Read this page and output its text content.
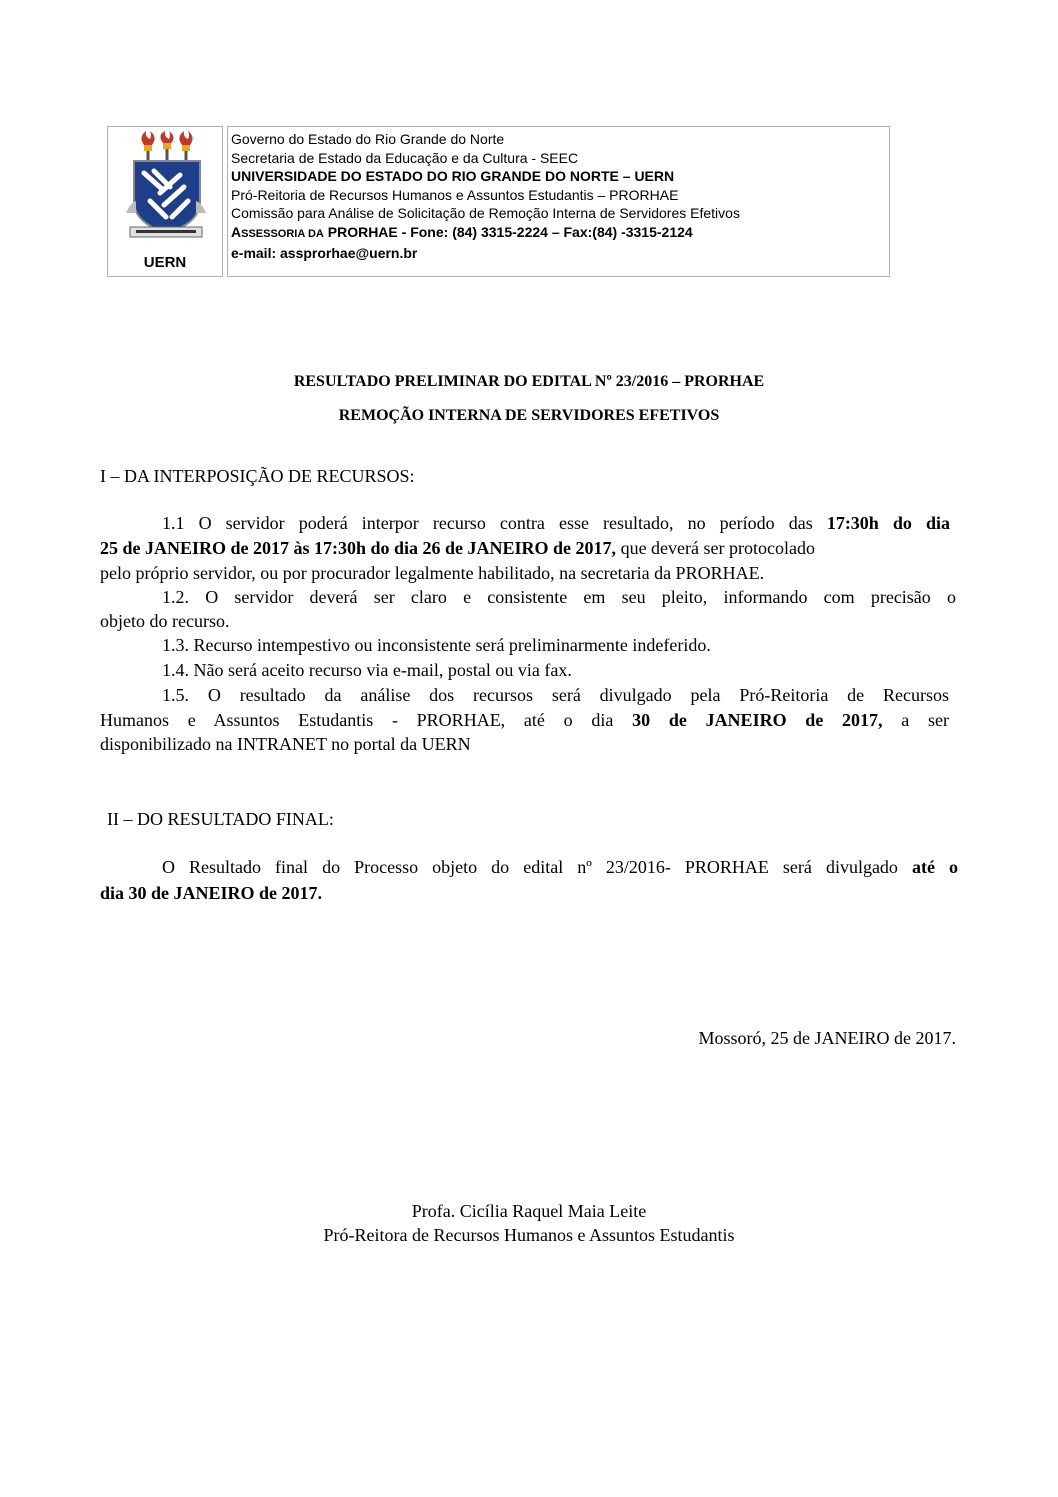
UERN
Governo do Estado do Rio Grande do Norte
Secretaria de Estado da Educação e da Cultura - SEEC
UNIVERSIDADE DO ESTADO DO RIO GRANDE DO NORTE – UERN
Pró-Reitoria de Recursos Humanos e Assuntos Estudantis – PRORHAE
Comissão para Análise de Solicitação de Remoção Interna de Servidores Efetivos
ASSESSORIA DA PRORHAE - Fone: (84) 3315-2224 – Fax:(84) -3315-2124
e-mail: assprorhae@uern.br
RESULTADO PRELIMINAR DO EDITAL Nº 23/2016 – PRORHAE
REMOÇÃO INTERNA DE SERVIDORES EFETIVOS
I – DA INTERPOSIÇÃO DE RECURSOS:
1.1 O servidor poderá interpor recurso contra esse resultado, no período das 17:30h do dia
25 de JANEIRO de 2017 às 17:30h do dia 26 de JANEIRO de 2017, que deverá ser protocolado
pelo próprio servidor, ou por procurador legalmente habilitado, na secretaria da PRORHAE.
1.2. O servidor deverá ser claro e consistente em seu pleito, informando com precisão o
objeto do recurso.
1.3. Recurso intempestivo ou inconsistente será preliminarmente indeferido.
1.4. Não será aceito recurso via e-mail, postal ou via fax.
1.5. O resultado da análise dos recursos será divulgado pela Pró-Reitoria de Recursos
Humanos e Assuntos Estudantis - PRORHAE, até o dia 30 de JANEIRO de 2017, a ser
disponibilizado na INTRANET no portal da UERN
II – DO RESULTADO FINAL:
O Resultado final do Processo objeto do edital nº 23/2016- PRORHAE será divulgado até o
dia 30 de JANEIRO de 2017.
Mossoró, 25 de JANEIRO de 2017.
Profa. Cicília Raquel Maia Leite
Pró-Reitora de Recursos Humanos e Assuntos Estudantis
